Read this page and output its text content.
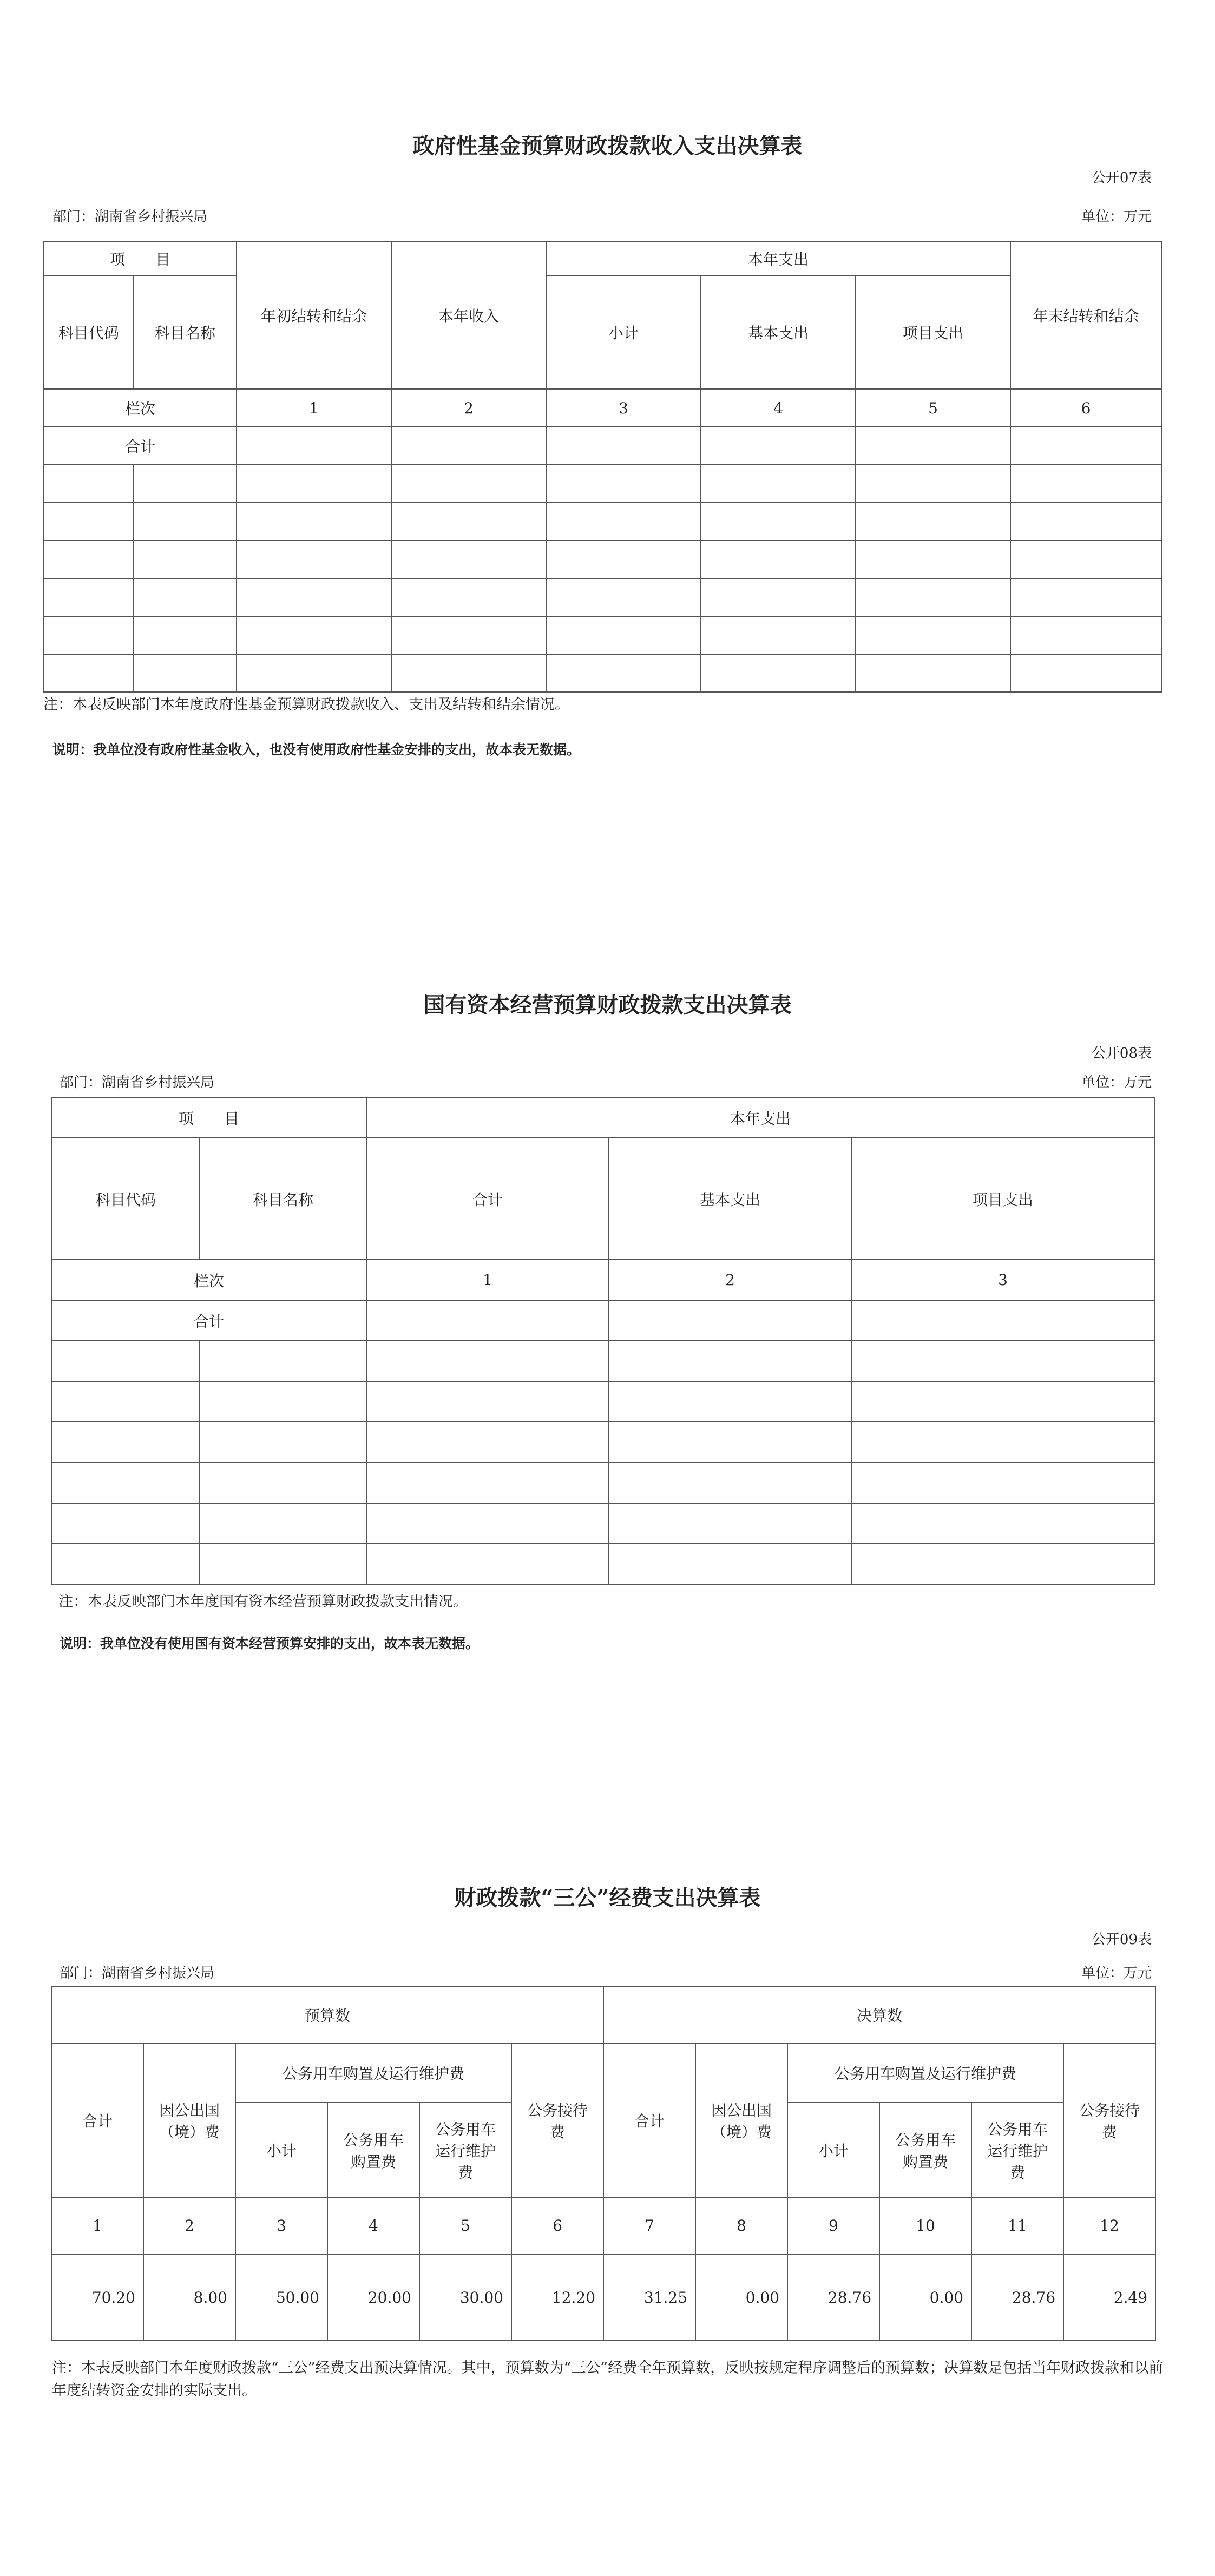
政府性基金预算财政拨款收入支出决算表
公开07表
部门：湖南省乡村振兴局	单位：万元
项　　目		年初结转和结余	本年收入	本年支出			年末结转和结余
科目代码	科目名称			小计	基本支出	项目支出	
栏次		1	2	3	4	5	6
合计							

注：本表反映部门本年度政府性基金预算财政拨款收入、支出及结转和结余情况。
说明：我单位没有政府性基金收入，也没有使用政府性基金安排的支出，故本表无数据。
国有资本经营预算财政拨款支出决算表
公开08表
部门：湖南省乡村振兴局	单位：万元
项　　目		本年支出		
科目代码	科目名称	合计	基本支出	项目支出
栏次		1	2	3
合计				

注：本表反映部门本年度国有资本经营预算财政拨款支出情况。
说明：我单位没有使用国有资本经营预算安排的支出，故本表无数据。
财政拨款“三公”经费支出决算表
公开09表
部门：湖南省乡村振兴局	单位：万元
预算数						决算数					
合计	因公出国（境）费	公务用车购置及运行维护费			公务接待费	合计	因公出国（境）费	公务用车购置及运行维护费			公务接待费
		小计	公务用车购置费	公务用车运行维护费				小计	公务用车购置费	公务用车运行维护费	
1	2	3	4	5	6	7	8	9	10	11	12
70.20	8.00	50.00	20.00	30.00	12.20	31.25	0.00	28.76	0.00	28.76	2.49
注：本表反映部门本年度财政拨款“三公”经费支出预决算情况。其中，预算数为“三公”经费全年预算数，反映按规定程序调整后的预算数；决算数是包括当年财政拨款和以前年度结转资金安排的实际支出。
